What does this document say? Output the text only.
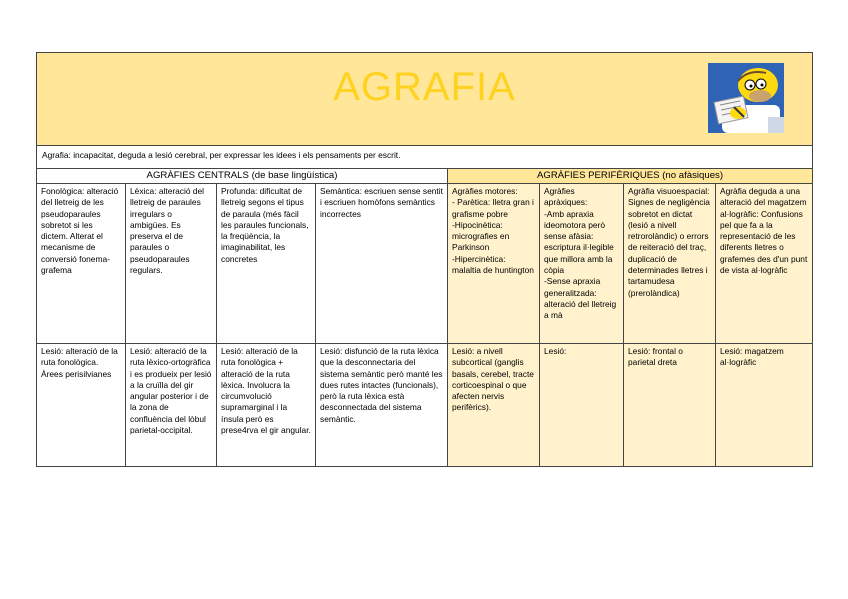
AGRAFIA							

Agrafia: incapacitat, deguda a lesió cerebral, per expressar les idees i els pensaments per escrit.							
AGRÀFIES CENTRALS (de base lingüística)				AGRÀFIES PERIFÈRIQUES (no afàsiques)			
Fonològica: alteració del lletreig de les pseudoparaules sobretot si les dictem. Alterat el mecanisme de conversió fonema-grafema	Lèxica: alteració del lletreig de paraules irregulars o ambigües. Es preserva el de paraules o pseudoparaules regulars.	Profunda: dificultat de lletreig segons el tipus de paraula (més fàcil les paraules funcionals, la freqüència, la imaginabilitat, les concretes	Semàntica: escriuen sense sentit i escriuen homòfons semàntics incorrectes	Agràfies motores:
- Parètica: lletra gran i grafisme pobre
-Hipocinètica: micrografies en Parkinson
-Hipercinètica: malaltia de huntington	Agràfies apràxiques:
-Amb apraxia ideomotora però sense afàsia: escriptura il·legible que millora amb la còpia
-Sense apraxia generalitzada: alteració del lletreig a mà	Agràfia visuoespacial: Signes de negligència sobretot en dictat (lesió a nivell retrorolàndic) o errors de reiteració del traç, duplicació de determinades lletres i tartamudesa (prerolàndica)	Agràfia deguda a una alteració del magatzem al·logràfic: Confusions pel que fa a la representació de les diferents lletres o grafemes des d'un punt de vista al·logràfic
Lesió: alteració de la ruta fonològica. Àrees perisilvianes	Lesió: alteració de la ruta lèxico-ortogràfica i es produeix per lesió a la cruïlla del gir angular posterior i de la zona de confluència del lòbul parietal-occipital.	Lesió: alteració de la ruta fonològica + alteració de la ruta lèxica. Involucra la circumvolució supramarginal i la ínsula però es prese4rva el gir angular.	Lesió: disfunció de la ruta lèxica que la desconnectaria del sistema semàntic però manté les dues rutes intactes (funcionals), però la ruta lèxica està desconnectada del sistema semàntic.	Lesió: a nivell subcortical (ganglis basals, cerebel, tracte corticoespinal o que afecten nervis perifèrics).	Lesió:	Lesió: frontal o parietal dreta	Lesió: magatzem al·logràfic
